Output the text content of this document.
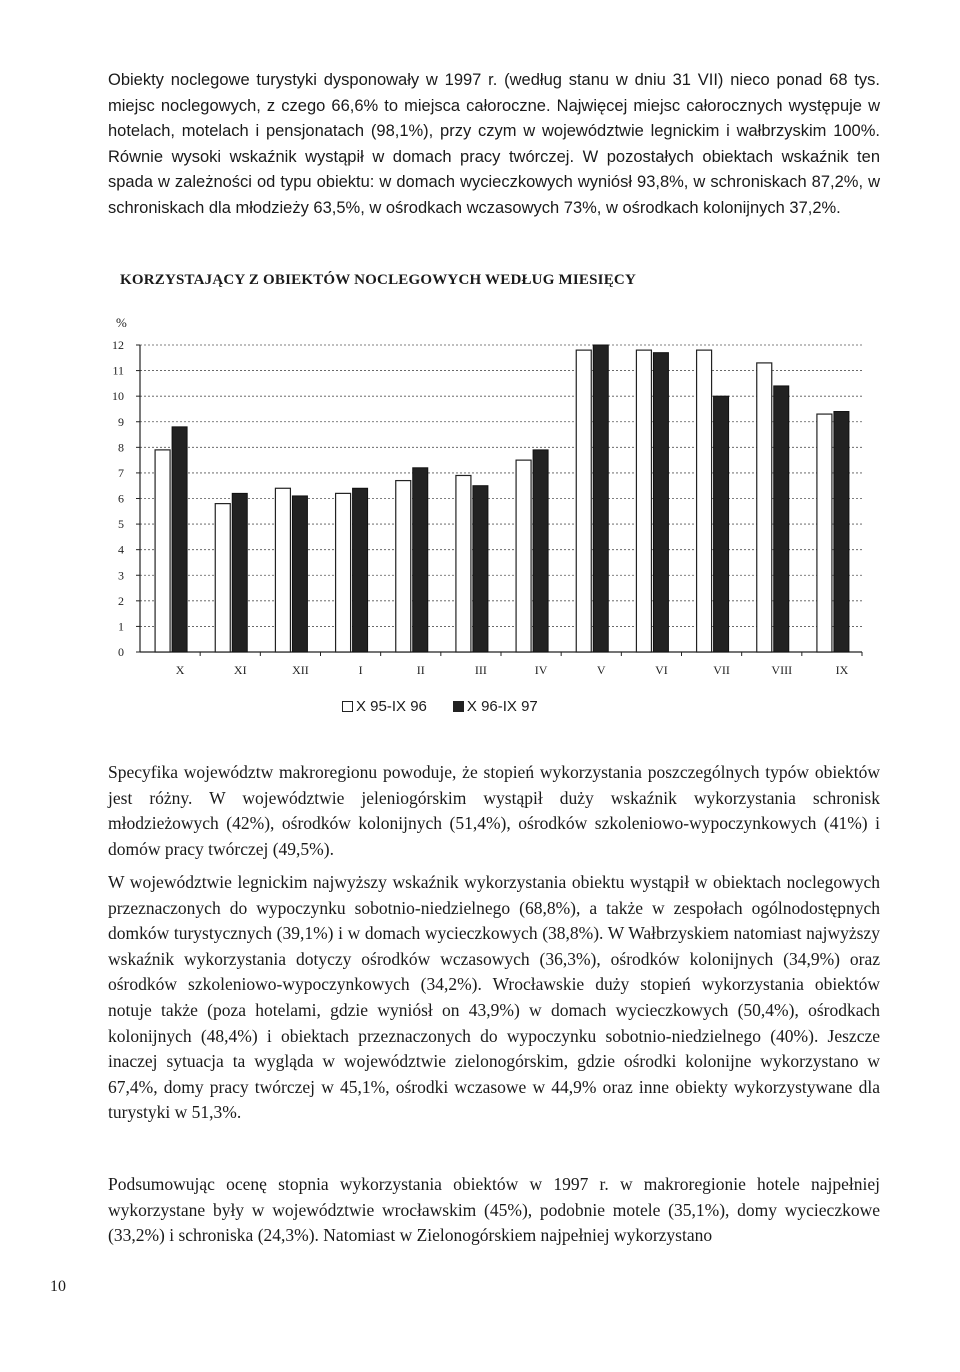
Obiekty noclegowe turystyki dysponowały w 1997 r. (według stanu w dniu 31 VII) nieco ponad 68 tys. miejsc noclegowych, z czego 66,6% to miejsca całoroczne. Najwięcej miejsc całorocznych występuje w hotelach, motelach i pensjonatach (98,1%), przy czym w województwie legnickim i wałbrzyskim 100%. Równie wysoki wskaźnik wystąpił w domach pracy twórczej. W pozostałych obiektach wskaźnik ten spada w zależności od typu obiektu: w domach wycieczkowych wyniósł 93,8%, w schroniskach 87,2%, w schroniskach dla młodzieży 63,5%, w ośrodkach wczasowych 73%, w ośrodkach kolonijnych 37,2%.

KORZYSTAJĄCY Z OBIEKTÓW NOCLEGOWYCH WEDŁUG MIESIĘCY

%
0
1
2
3
4
5
6
7
8
9
10
11
12
X	XI	XII	I	II	III	IV	V	VI	VII	VIII	IX
X 95-IX 96	X 96-IX 97

Specyfika województw makroregionu powoduje, że stopień wykorzystania poszczególnych typów obiektów jest różny. W województwie jeleniogórskim wystąpił duży wskaźnik wykorzystania schronisk młodzieżowych (42%), ośrodków kolonijnych (51,4%), ośrodków szkoleniowo-wypoczynkowych (41%) i domów pracy twórczej (49,5%).

W województwie legnickim najwyższy wskaźnik wykorzystania obiektu wystąpił w obiektach noclegowych przeznaczonych do wypoczynku sobotnio-niedzielnego (68,8%), a także w zespołach ogólnodostępnych domków turystycznych (39,1%) i w domach wycieczkowych (38,8%). W Wałbrzyskiem natomiast najwyższy wskaźnik wykorzystania dotyczy ośrodków wczasowych (36,3%), ośrodków kolonijnych (34,9%) oraz ośrodków szkoleniowo-wypoczynkowych (34,2%). Wrocławskie duży stopień wykorzystania obiektów notuje także (poza hotelami, gdzie wyniósł on 43,9%) w domach wycieczkowych (50,4%), ośrodkach kolonijnych (48,4%) i obiektach przeznaczonych do wypoczynku sobotnio-niedzielnego (40%). Jeszcze inaczej sytuacja ta wygląda w województwie zielonogórskim, gdzie ośrodki kolonijne wykorzystano w 67,4%, domy pracy twórczej w 45,1%, ośrodki wczasowe w 44,9% oraz inne obiekty wykorzystywane dla turystyki w 51,3%.

Podsumowując ocenę stopnia wykorzystania obiektów w 1997 r. w makroregionie hotele najpełniej wykorzystane były w województwie wrocławskim (45%), podobnie motele (35,1%), domy wycieczkowe (33,2%) i schroniska (24,3%). Natomiast w Zielonogórskiem najpełniej wykorzystano

10
